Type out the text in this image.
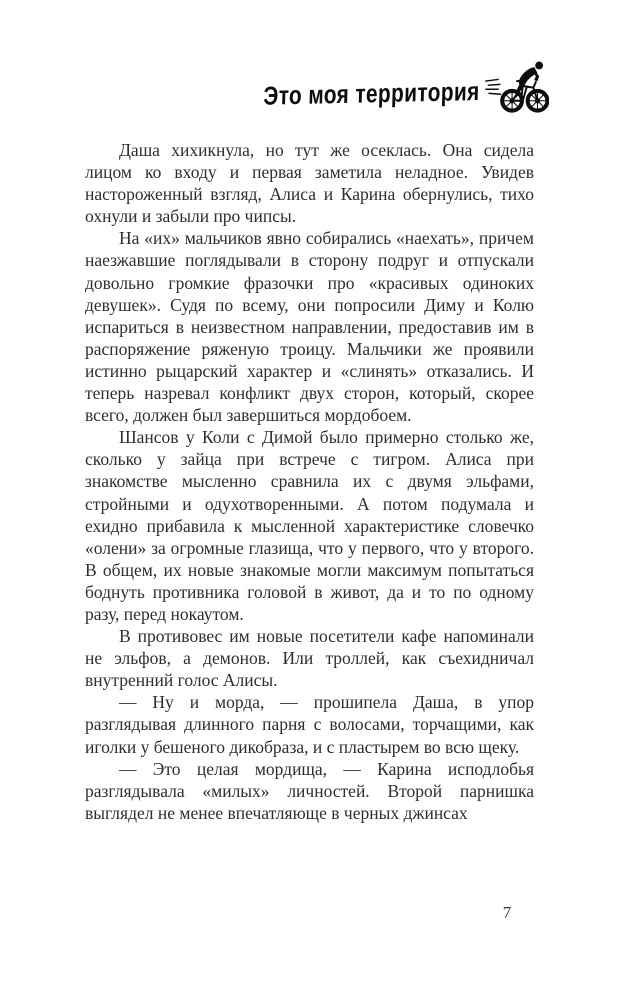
Это моя территория

Даша хихикнула, но тут же осеклась. Она сидела лицом ко входу и первая заметила неладное. Увидев настороженный взгляд, Алиса и Карина обернулись, тихо охнули и забыли про чипсы.

На «их» мальчиков явно собирались «наехать», причем наезжавшие поглядывали в сторону подруг и отпускали довольно громкие фразочки про «красивых одиноких девушек». Судя по всему, они попросили Диму и Колю испариться в неизвестном направлении, предоставив им в распоряжение ряженую троицу. Мальчики же проявили истинно рыцарский характер и «слинять» отказались. И теперь назревал конфликт двух сторон, который, скорее всего, должен был завершиться мордобоем.

Шансов у Коли с Димой было примерно столько же, сколько у зайца при встрече с тигром. Алиса при знакомстве мысленно сравнила их с двумя эльфами, стройными и одухотворенными. А потом подумала и ехидно прибавила к мысленной характеристике словечко «олени» за огромные глазища, что у первого, что у второго. В общем, их новые знакомые могли максимум попытаться боднуть противника головой в живот, да и то по одному разу, перед нокаутом.

В противовес им новые посетители кафе напоминали не эльфов, а демонов. Или троллей, как съехидничал внутренний голос Алисы.

— Ну и морда, — прошипела Даша, в упор разглядывая длинного парня с волосами, торчащими, как иголки у бешеного дикобраза, и с пластырем во всю щеку.

— Это целая мордища, — Карина исподлобья разглядывала «милых» личностей. Второй парнишка выглядел не менее впечатляюще в черных джинсах

7
